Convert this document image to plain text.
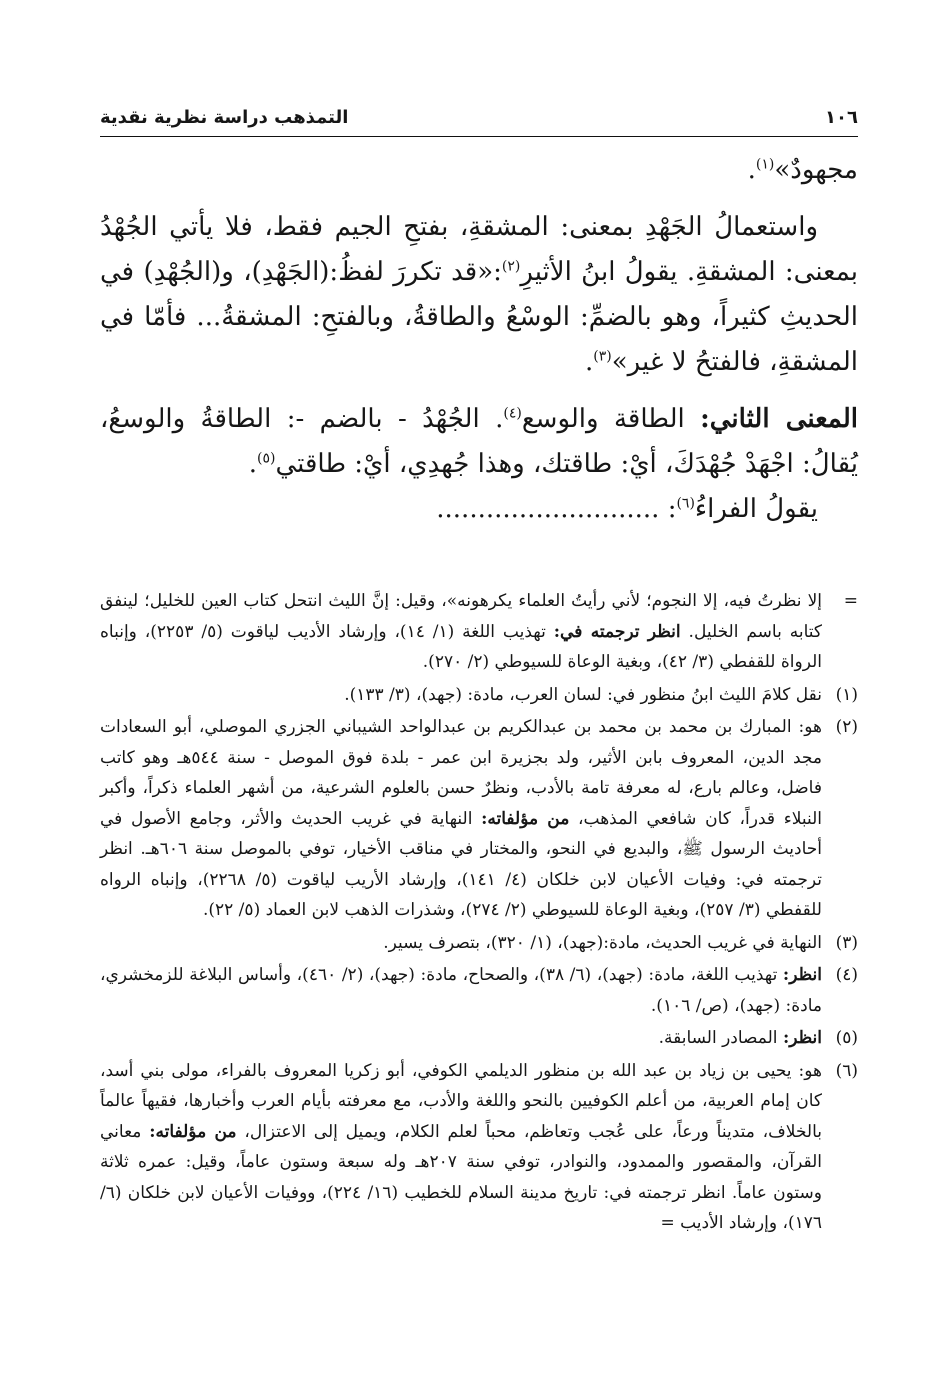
١٠٦
التمذهب دراسة نظرية نقدية

مجهودٌ»$^{(١)}$.

واستعمالُ الجَهْدِ بمعنى: المشقةِ، بفتحِ الجيم فقط، فلا يأتي الجُهْدُ بمعنى: المشقةِ. يقولُ ابنُ الأثيرِ$^{(٢)}$:«قد تكررَ لفظُ:(الجَهْدِ)، و(الجُهْدِ) في الحديثِ كثيراً، وهو بالضمِّ: الوسْعُ والطاقةُ، وبالفتحِ: المشقةُ... فأمّا في المشقةِ، فالفتحُ لا غير»$^{(٣)}$.

المعنى الثاني: الطاقة والوسع$^{(٤)}$. الجُهْدُ - بالضم -: الطاقةُ والوسعُ، يُقالُ: اجْهَدْ جُهْدَكَ، أيْ: طاقتك، وهذا جُهدِي، أيْ: طاقتي$^{(٥)}$.

يقولُ الفراءُ$^{(٦)}$: ...........................

=
إلا نظرتُ فيه، إلا النجوم؛ لأني رأيتُ العلماء يكرهونه»، وقيل: إنَّ الليث انتحل كتاب العين للخليل؛ لينفق كتابه باسم الخليل. انظر ترجمته في: تهذيب اللغة (١/ ١٤)، وإرشاد الأديب لياقوت (٥/ ٢٢٥٣)، وإنباه الرواة للقفطي (٣/ ٤٢)، وبغية الوعاة للسيوطي (٢/ ٢٧٠).
(١)
نقل كلامَ الليث ابنُ منظور في: لسان العرب، مادة: (جهد)، (٣/ ١٣٣).
(٢)
هو: المبارك بن محمد بن محمد بن عبدالكريم بن عبدالواحد الشيباني الجزري الموصلي، أبو السعادات مجد الدين، المعروف بابن الأثير، ولد بجزيرة ابن عمر - بلدة فوق الموصل - سنة ٥٤٤هـ وهو كاتب فاضل، وعالم بارع، له معرفة تامة بالأدب، ونظرٌ حسن بالعلوم الشرعية، من أشهر العلماء ذكراً، وأكبر النبلاء قدراً، كان شافعي المذهب، من مؤلفاته: النهاية في غريب الحديث والأثر، وجامع الأصول في أحاديث الرسول ﷺ، والبديع في النحو، والمختار في مناقب الأخيار، توفي بالموصل سنة ٦٠٦هـ. انظر ترجمته في: وفيات الأعيان لابن خلكان (٤/ ١٤١)، وإرشاد الأريب لياقوت (٥/ ٢٢٦٨)، وإنباه الرواه للقفطي (٣/ ٢٥٧)، وبغية الوعاة للسيوطي (٢/ ٢٧٤)، وشذرات الذهب لابن العماد (٥/ ٢٢).
(٣)
النهاية في غريب الحديث، مادة:(جهد)، (١/ ٣٢٠)، بتصرف يسير.
(٤)
انظر: تهذيب اللغة، مادة: (جهد)، (٦/ ٣٨)، والصحاح، مادة: (جهد)، (٢/ ٤٦٠)، وأساس البلاغة للزمخشري، مادة: (جهد)، (ص/ ١٠٦).
(٥)
انظر: المصادر السابقة.
(٦)
هو: يحيى بن زياد بن عبد الله بن منظور الديلمي الكوفي، أبو زكريا المعروف بالفراء، مولى بني أسد، كان إمام العربية، من أعلم الكوفيين بالنحو واللغة والأدب، مع معرفته بأيام العرب وأخبارها، فقيهاً عالماً بالخلاف، متديناً ورعاً، على عُجب وتعاظم، محباً لعلم الكلام، ويميل إلى الاعتزال، من مؤلفاته: معاني القرآن، والمقصور والممدود، والنوادر، توفي سنة ٢٠٧هـ وله سبعة وستون عاماً، وقيل: عمره ثلاثة وستون عاماً. انظر ترجمته في: تاريخ مدينة السلام للخطيب (١٦/ ٢٢٤)، ووفيات الأعيان لابن خلكان (٦/ ١٧٦)، وإرشاد الأديب =
